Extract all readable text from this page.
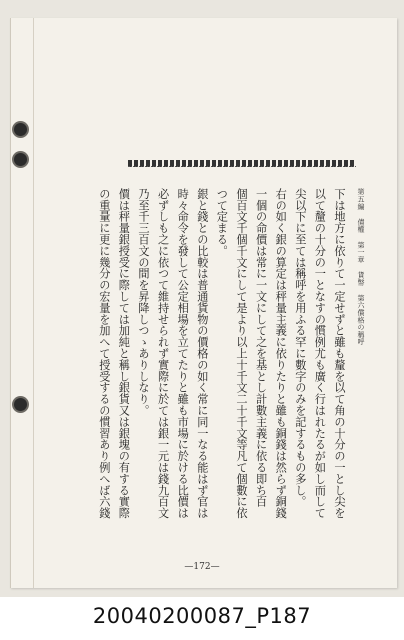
第五編 債權 第一章 貨幣 第六償格の稱呼
下は地方に依りて一定せずと雖も釐を以て角の十分の一とし尖を
以て釐の十分の一となすの慣例尤も廣く行はれたるが如し而して
尖以下に至ては稱呼を用ふる罕に數字のみを記するもの多し。
右の如く銀の算定は秤量主義に依りたりと雖も銅錢は然らず銅錢
一個の命價は常に一文にして之を基とし計數主義に依る即ち百
個百文千個千文にして是より以上十千文二十千文等凡て個數に依
つて定まる。
銀と錢との比較は普通貨物の價格の如く常に同一なる能はず官は
時々命令を發して公定相場を立てたりと雖も市場に於ける比價は
必ずしも之に依つて維持せられず實際に於ては銀一元は錢九百文
乃至千三百文の間を昇降しつゝありしなり。
價は秤量銀授受に際しては加純と稱し銀貨又は銀塊の有する實際
の重量に更に幾分の宏量を加へて授受するの慣習あり例へば六錢
—172—
20040200087_P187
